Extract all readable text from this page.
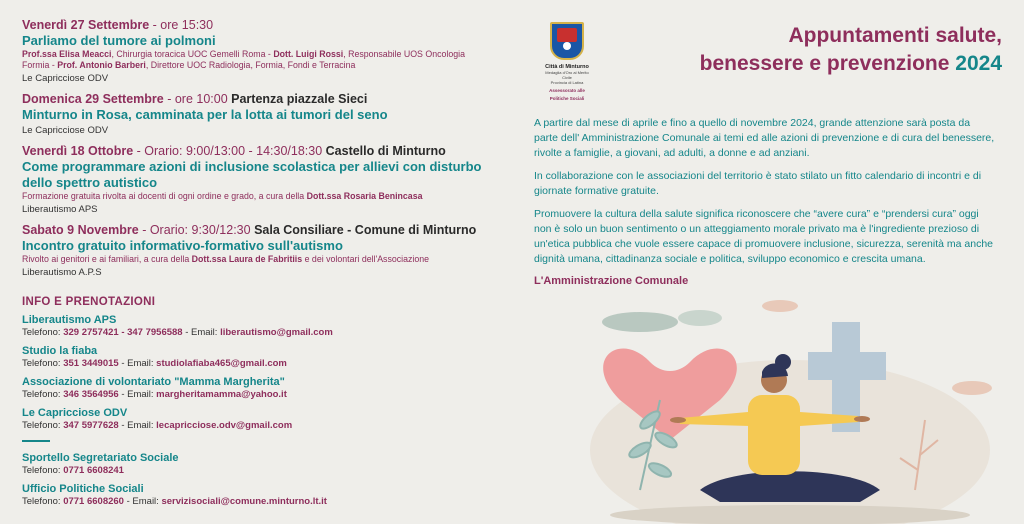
Venerdì 27 Settembre - ore 15:30
Parliamo del tumore ai polmoni
Prof.ssa Elisa Meacci, Chirurgia toracica UOC Gemelli Roma - Dott. Luigi Rossi, Responsabile UOS Oncologia Formia - Prof. Antonio Barberi, Direttore UOC Radiologia, Formia, Fondi e Terracina
Le Capricciose ODV
Domenica 29 Settembre - ore 10:00 Partenza piazzale Sieci
Minturno in Rosa, camminata per la lotta ai tumori del seno
Le Capricciose ODV
Venerdì 18 Ottobre - Orario: 9:00/13:00 - 14:30/18:30 Castello di Minturno
Come programmare azioni di inclusione scolastica per allievi con disturbo dello spettro autistico
Formazione gratuita rivolta ai docenti di ogni ordine e grado, a cura della Dott.ssa Rosaria Benincasa
Liberautismo APS
Sabato 9 Novembre - Orario: 9:30/12:30 Sala Consiliare - Comune di Minturno
Incontro gratuito informativo-formativo sull'autismo
Rivolto ai genitori e ai familiari, a cura della Dott.ssa Laura de Fabritiis e dei volontari dell'Associazione
Liberautismo A.P.S
INFO E PRENOTAZIONI
Liberautismo APS
Telefono: 329 2757421 - 347 7956588 - Email: liberautismo@gmail.com
Studio la fiaba
Telefono: 351 3449015 - Email: studiolafiaba465@gmail.com
Associazione di volontariato "Mamma Margherita"
Telefono: 346 3564956 - Email: margheritamamma@yahoo.it
Le Capricciose ODV
Telefono: 347 5977628 - Email: lecapricciose.odv@gmail.com
Sportello Segretariato Sociale
Telefono: 0771 6608241
Ufficio Politiche Sociali
Telefono: 0771 6608260 - Email: servizisociali@comune.minturno.lt.it
Città di Minturno
Medaglia d'Oro al Merito Civile
Provincia di Latina
Assessorato alle
Politiche Sociali
Appuntamenti salute,
benessere e prevenzione 2024

A partire dal mese di aprile e fino a quello di novembre 2024, grande attenzione sarà posta da parte dell' Amministrazione Comunale ai temi ed alle azioni di prevenzione e di cura del benessere, rivolte a famiglie, a giovani, ad adulti, a donne e ad anziani.

In collaborazione con le associazioni del territorio è stato stilato un fitto calendario di incontri e di giornate formative gratuite.

Promuovere la cultura della salute significa riconoscere che “avere cura” e “prendersi cura” oggi non è solo un buon sentimento o un atteggiamento morale privato ma è l'ingrediente prezioso di un'etica pubblica che vuole essere capace di promuovere inclusione, sicurezza, serenità ma anche dignità umana, cittadinanza sociale e politica, sviluppo economico e crescita umana.

L'Amministrazione Comunale
